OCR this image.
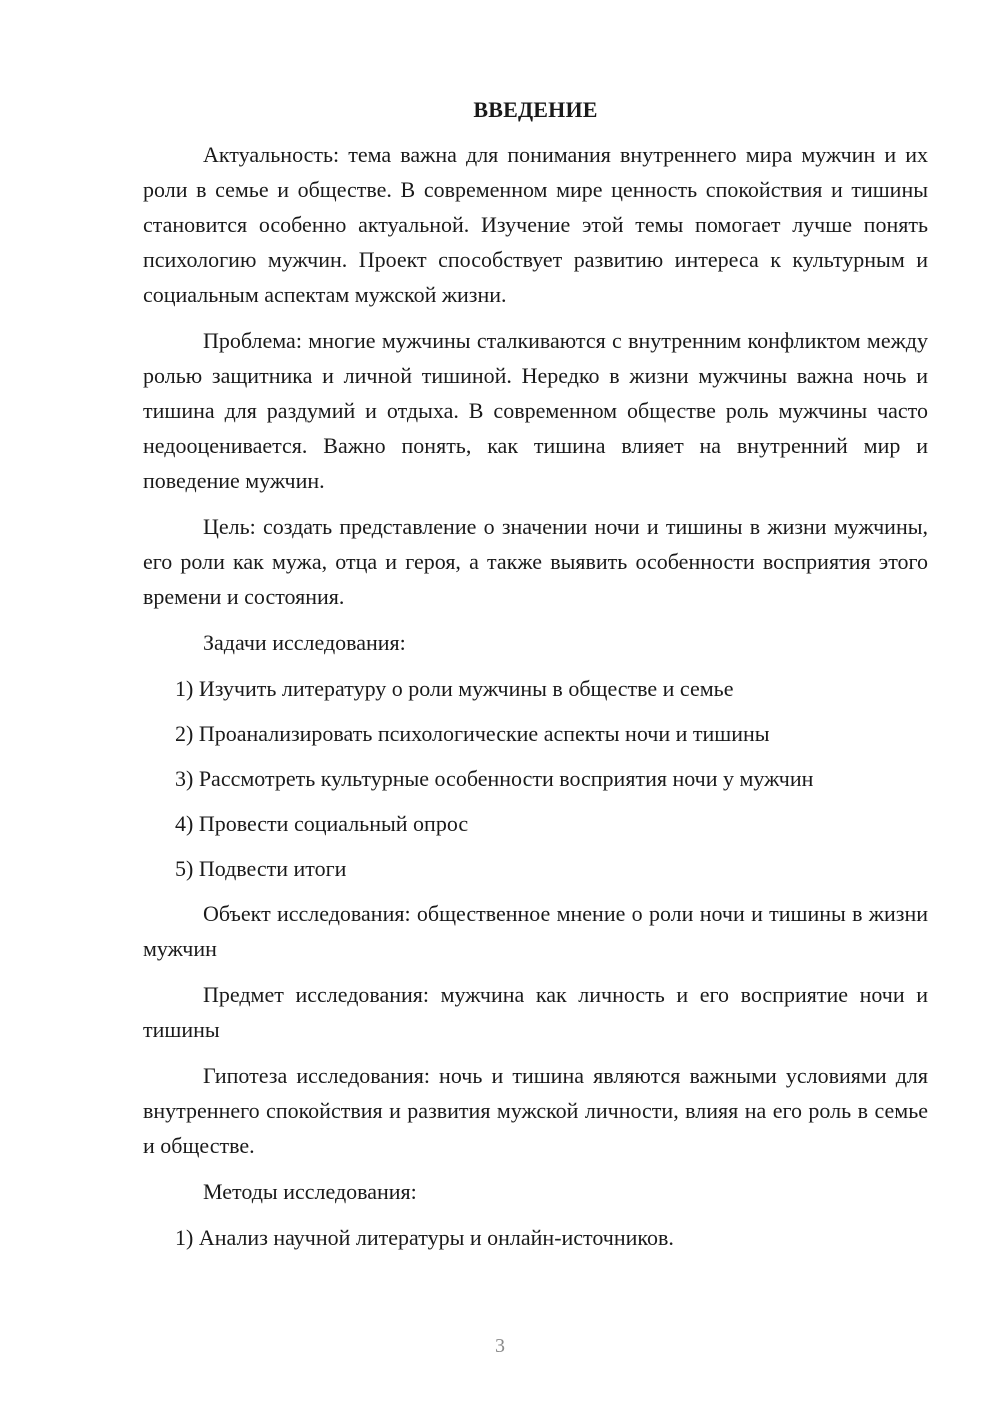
ВВЕДЕНИЕ

Актуальность: тема важна для понимания внутреннего мира мужчин и их роли в семье и обществе. В современном мире ценность спокойствия и тишины становится особенно актуальной. Изучение этой темы помогает лучше понять психологию мужчин. Проект способствует развитию интереса к культурным и социальным аспектам мужской жизни.

Проблема: многие мужчины сталкиваются с внутренним конфликтом между ролью защитника и личной тишиной. Нередко в жизни мужчины важна ночь и тишина для раздумий и отдыха. В современном обществе роль мужчины часто недооценивается. Важно понять, как тишина влияет на внутренний мир и поведение мужчин.

Цель: создать представление о значении ночи и тишины в жизни мужчины, его роли как мужа, отца и героя, а также выявить особенности восприятия этого времени и состояния.

Задачи исследования:

1) Изучить литературу о роли мужчины в обществе и семье
2) Проанализировать психологические аспекты ночи и тишины
3) Рассмотреть культурные особенности восприятия ночи у мужчин
4) Провести социальный опрос
5) Подвести итоги

Объект исследования: общественное мнение о роли ночи и тишины в жизни мужчин

Предмет исследования: мужчина как личность и его восприятие ночи и тишины

Гипотеза исследования: ночь и тишина являются важными условиями для внутреннего спокойствия и развития мужской личности, влияя на его роль в семье и обществе.

Методы исследования:

1) Анализ научной литературы и онлайн-источников.
3
